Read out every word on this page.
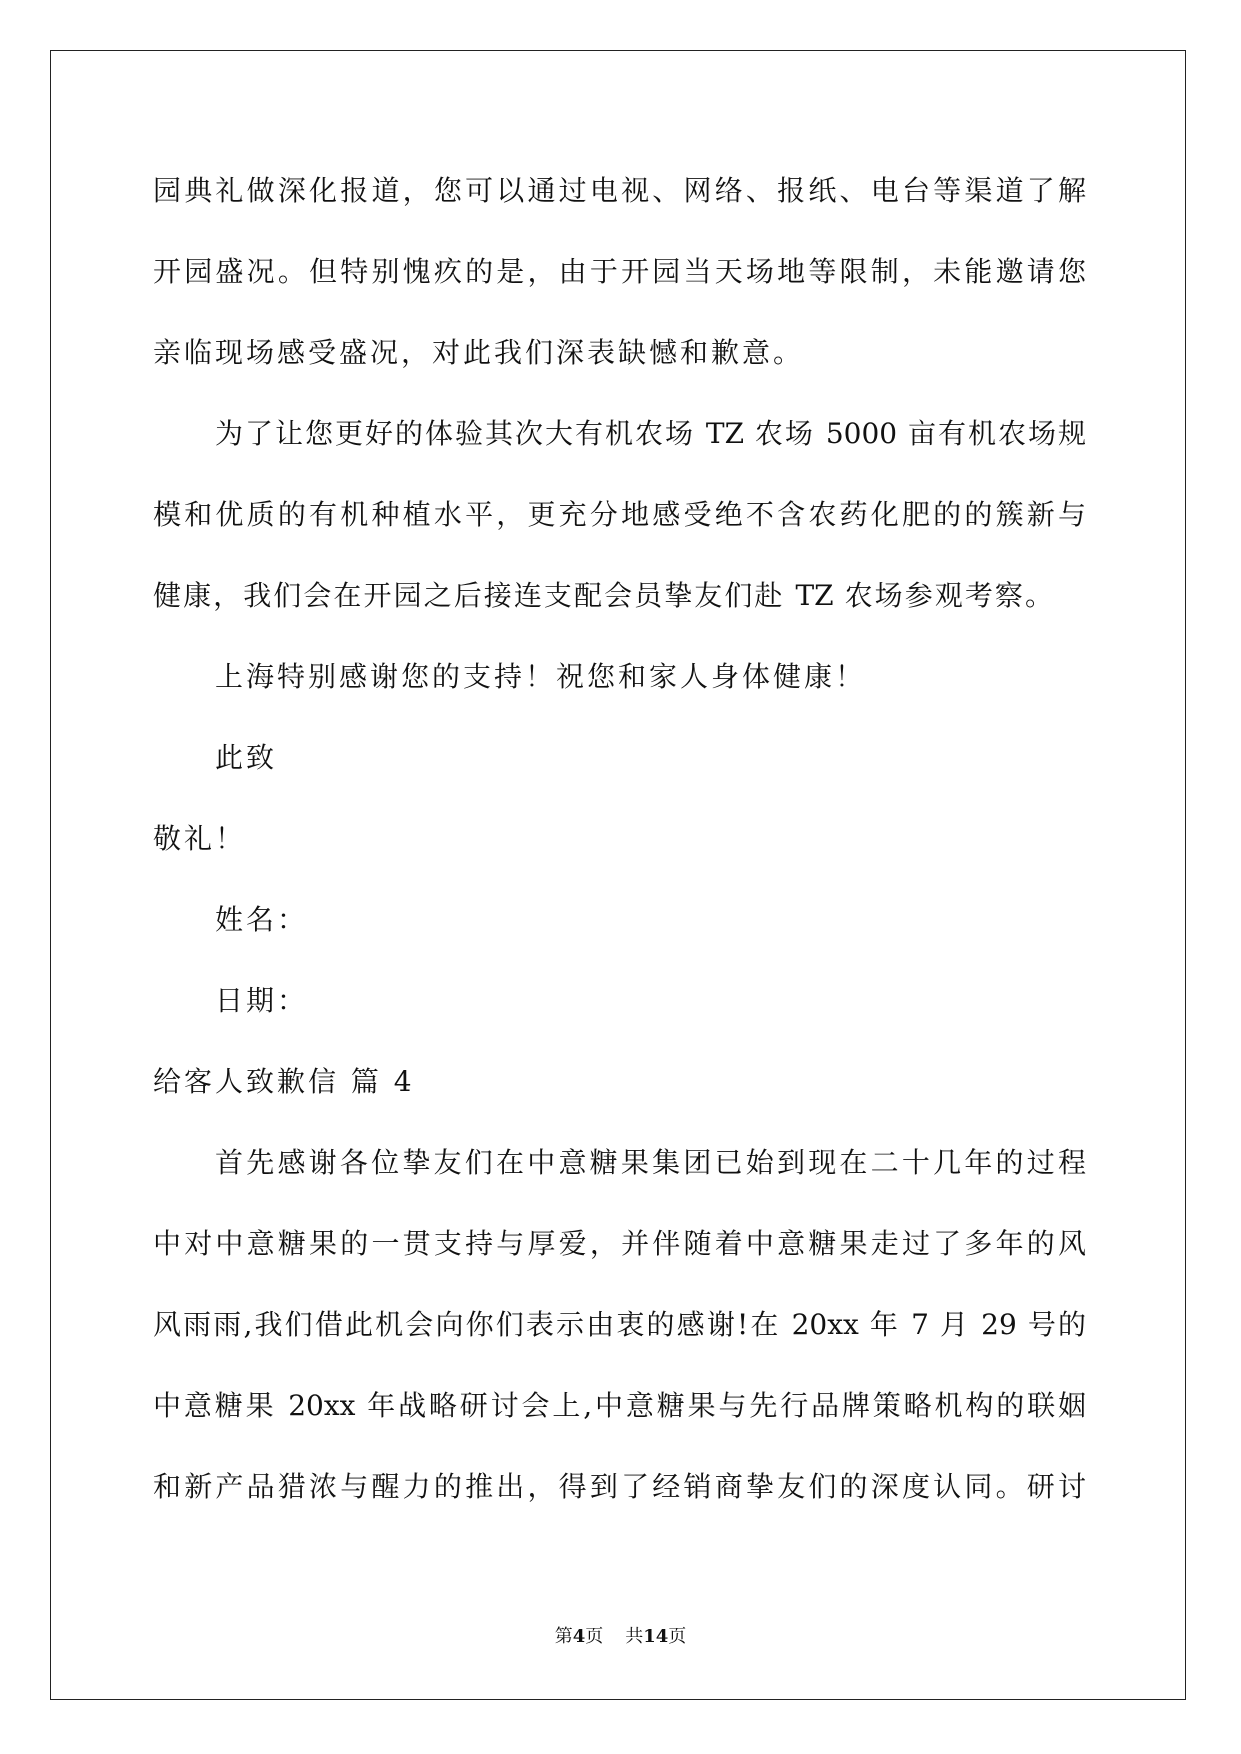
园典礼做深化报道，您可以通过电视、网络、报纸、电台等渠道了解
开园盛况。但特别愧疚的是，由于开园当天场地等限制，未能邀请您
亲临现场感受盛况，对此我们深表缺憾和歉意。
为了让您更好的体验其次大有机农场 TZ 农场 5000 亩有机农场规
模和优质的有机种植水平，更充分地感受绝不含农药化肥的的簇新与
健康，我们会在开园之后接连支配会员挚友们赴 TZ 农场参观考察。
上海特别感谢您的支持！祝您和家人身体健康！
此致
敬礼！
姓名：
日期：
给客人致歉信 篇 4
首先感谢各位挚友们在中意糖果集团已始到现在二十几年的过程
中对中意糖果的一贯支持与厚爱，并伴随着中意糖果走过了多年的风
风雨雨,我们借此机会向你们表示由衷的感谢!在 20xx 年 7 月 29 号的
中意糖果 20xx 年战略研讨会上,中意糖果与先行品牌策略机构的联姻
和新产品猎浓与醒力的推出，得到了经销商挚友们的深度认同。研讨
第4页 共14页
